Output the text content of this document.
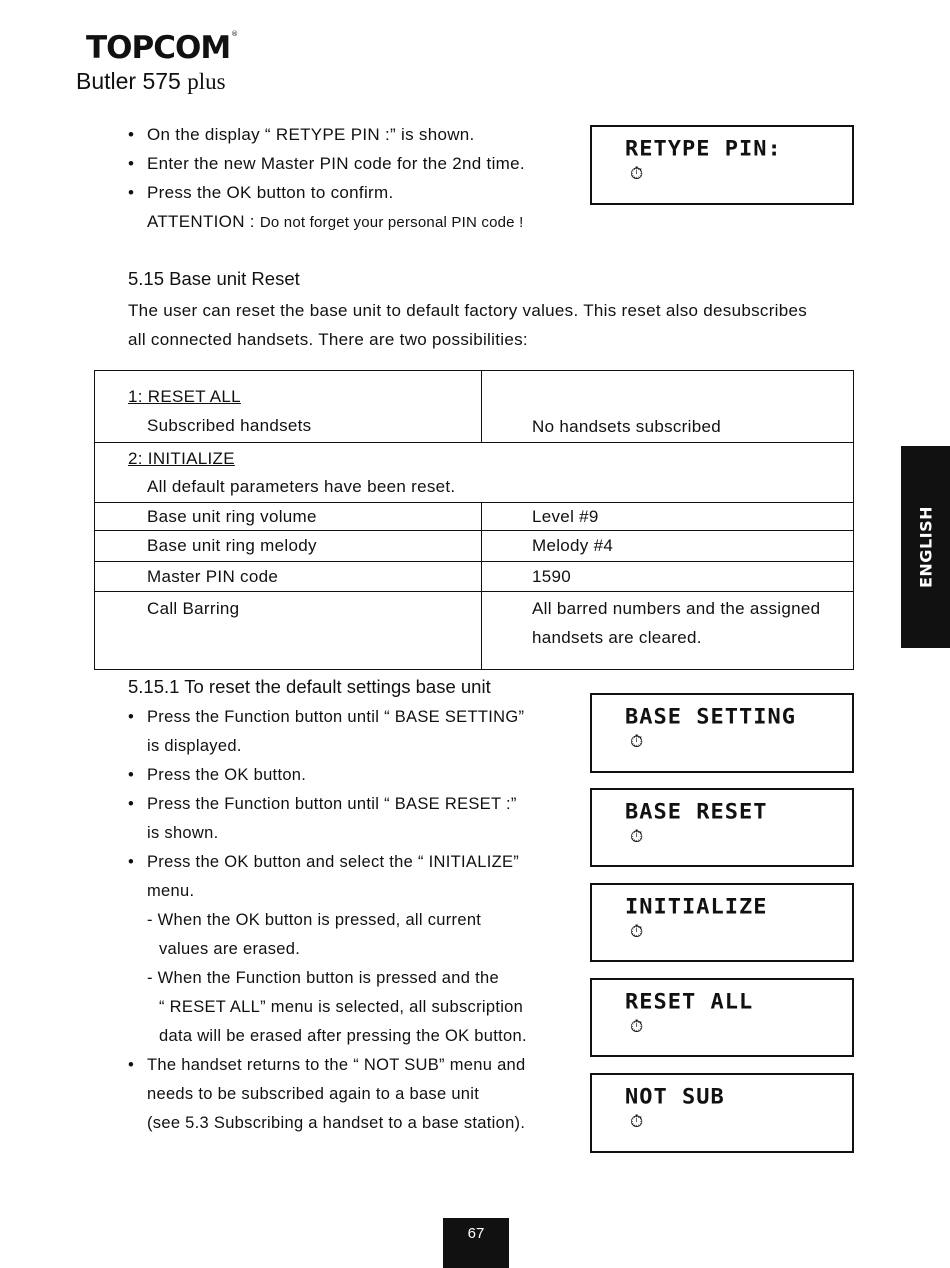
TOPCOM®
Butler 575 plus
• On the display “ RETYPE PIN :” is shown.
• Enter the new Master PIN code for the 2nd time.
• Press the OK button to confirm.
ATTENTION : Do not forget your personal PIN code !
RETYPE PIN:
⏱
5.15 Base unit Reset
The user can reset the base unit to default factory values. This reset also desubscribes
all connected handsets. There are two possibilities:
1: RESET ALL
Subscribed handsets	No handsets subscribed

2: INITIALIZE
All default parameters have been reset.	

Base unit ring volume	Level #9
Base unit ring melody	Melody #4
Master PIN code	1590
Call Barring	All barred numbers and the assigned
handsets are cleared.
5.15.1 To reset the default settings base unit
• Press the Function button until “ BASE SETTING”
is displayed.
• Press the OK button.
• Press the Function button until “ BASE RESET :”
is shown.
• Press the OK button and select the “ INITIALIZE”
menu.
- When the OK button is pressed, all current
values are erased.
- When the Function button is pressed and the
“ RESET ALL” menu is selected, all subscription
data will be erased after pressing the OK button.
• The handset returns to the “ NOT SUB” menu and
needs to be subscribed again to a base unit
(see 5.3 Subscribing a handset to a base station).
BASE SETTING
⏱
BASE RESET
⏱
INITIALIZE
⏱
RESET ALL
⏱
NOT SUB
⏱
ENGLISH
67
